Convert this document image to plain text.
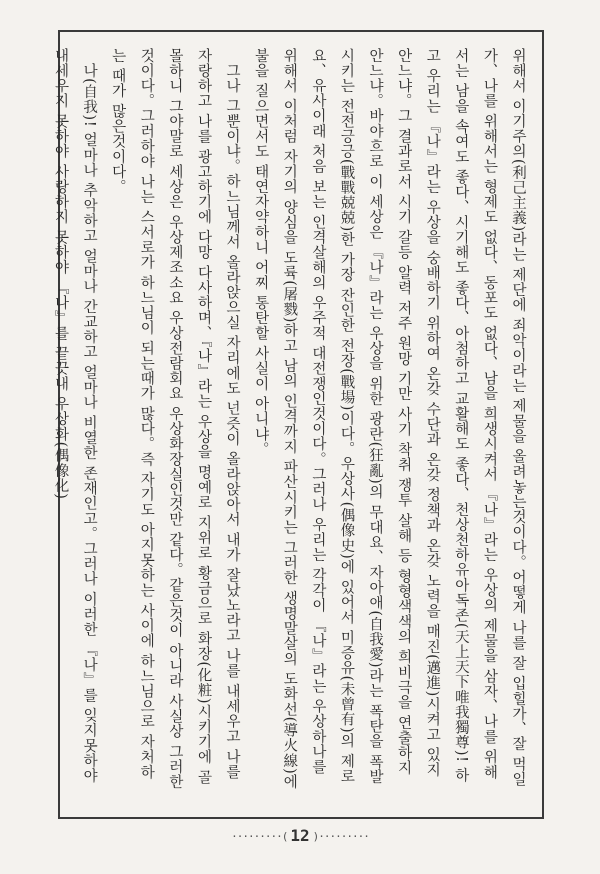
위해서 이기주의(利己主義)라는 제단에 죄악이라는 제물을 올려놓는것이다。어떻게 나를 잘 입힐가、잘 먹일가、나를 위해서는 형제도 없다、동포도 없다、남을 희생시켜서 『나』라는 우상의 제물을 삼자、나를 위해서는 남을 속여도 좋다、시기해도 좋다、아첨하고 교활해도 좋다、천상천하유아독존(天上天下唯我獨尊)! 하고 우리는 『나』라는 우상을 숭배하기 위하여 온갖 수단과 온갖 정책과 온갖 노력을 매진(邁進)시켜고 있지안느냐。그 결과로서 시기 갈등 알력 저주 원망 기만 사기 착취 쟁투 살해 등 형형색색의 희비극을 연출하지안느냐。바야흐로 이 세상은 『나』라는 우상을 위한 광란(狂亂)의 무대요、자아애(自我愛)라는 폭탄을 폭발시키는 전전긍긍(戰戰兢兢)한 가장 잔인한 전장(戰場)이다。우상사(偶像史)에 있어서 미증유(未曾有)의 제로요、유사이래 처음 보는 인격살해의 우주적 대전쟁인것이다。그러나 우리는 각각이 『나』라는 우상하나를 위해서 이처럼 자기의 양심을 도륙(屠戮)하고 남의 인격까지 파산시키는 그러한 생명말살의 도화선(導火線)에 불을 질으면서도 태연자약하니 어찌 통탄할 사실이 아니냐。

그나 그뿐이냐。하느님께서 올라앉으실 자리에도 넌즛이 올라앉아서 내가 잘났노라고 나를 내세우고 나를 자랑하고 나를 광고하기에 다망 다사하며、『나』라는 우상을 명예로 지위로 황금으로 화장(化粧)시키기에 골몰하니 그야말로 세상은 우상제조소요 우상전람회요 우상화장실인것만 같다。같은것이 아니라 사실상 그러한것이다。그러하야 나는 스서로가 하느님이 되는때가 많다。즉 자기도 아지못하는 사이에 하느님으로 자처하는 때가 많은것이다。

나(自我)! 얼마나 추악하고 얼마나 간교하고 얼마나 비열한 존재인고。그러나 이러한 『나』를 잊지못하야 내세우지 못하야 사랑하지 못하야 『나』를 끝끗내 우상화(偶像化)

·········( 12 )·········
